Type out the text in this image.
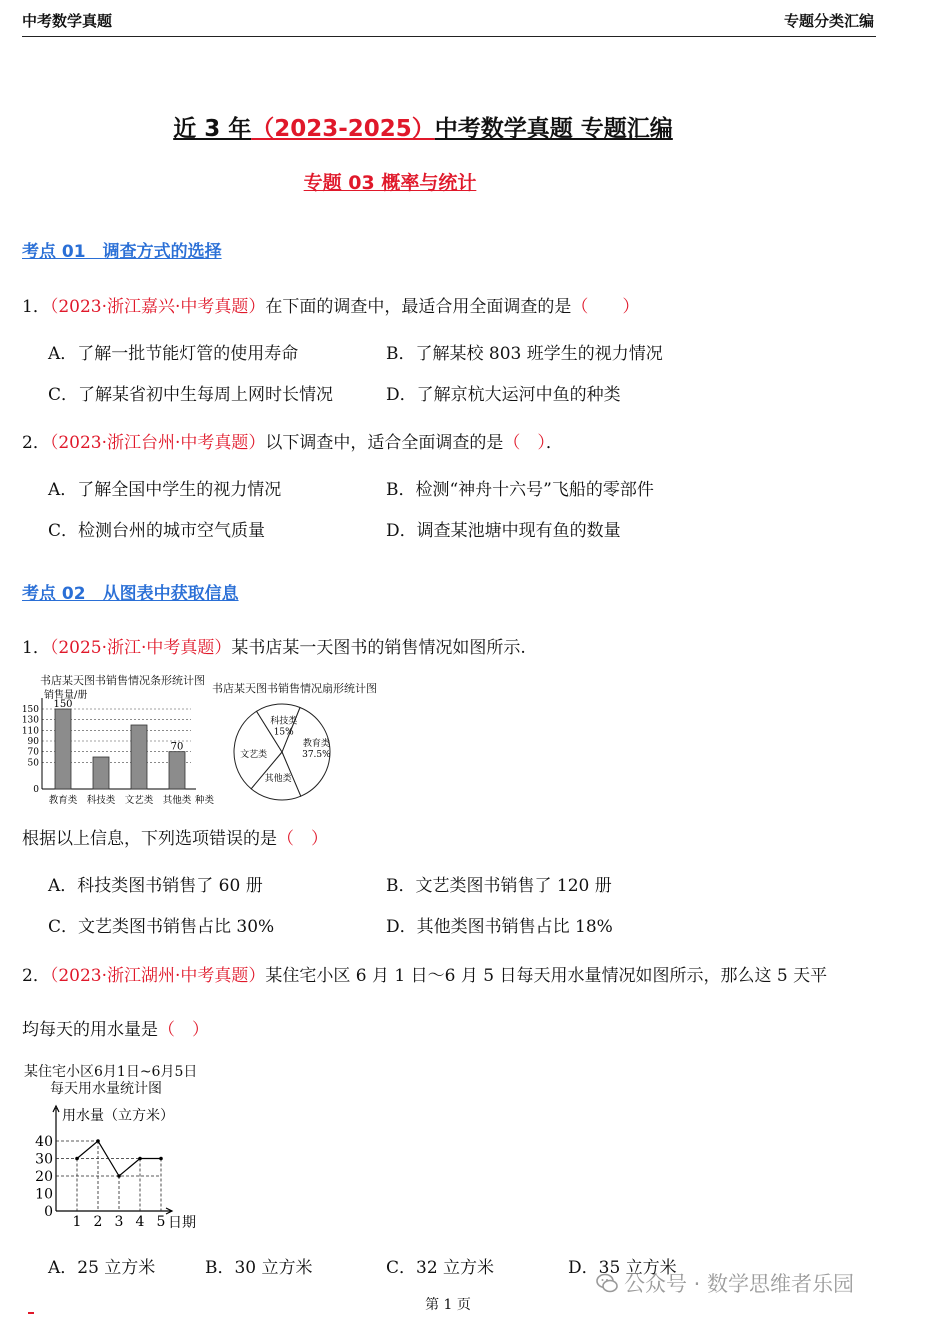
中考数学真题	专题分类汇编
近 3 年（2023-2025）中考数学真题 专题汇编
专题 03 概率与统计
考点 01　调查方式的选择
1．（2023·浙江嘉兴·中考真题）在下面的调查中，最适合用全面调查的是（　　）
A．了解一批节能灯管的使用寿命	B．了解某校 803 班学生的视力情况
C．了解某省初中生每周上网时长情况	D．了解京杭大运河中鱼的种类
2．（2023·浙江台州·中考真题）以下调查中，适合全面调查的是（　）．
A．了解全国中学生的视力情况	B．检测“神舟十六号”飞船的零部件
C．检测台州的城市空气质量	D．调查某池塘中现有鱼的数量
考点 02　从图表中获取信息
1．（2025·浙江·中考真题）某书店某一天图书的销售情况如图所示.
书店某天图书销售情况条形统计图
销售量/册
0
50
70
90
110
130
150 150
教育类 科技类 文艺类
70
其他类 种类
书店某天图书销售情况扇形统计图
教育类
37.5%
其他类
文艺类
科技类
15%
根据以上信息，下列选项错误的是（　）
A．科技类图书销售了 60 册	B．文艺类图书销售了 120 册
C．文艺类图书销售占比 30%	D．其他类图书销售占比 18%
2．（2023·浙江湖州·中考真题）某住宅小区 6 月 1 日～6 月 5 日每天用水量情况如图所示，那么这 5 天平
均每天的用水量是（　）
某住宅小区6月1日~6月5日
每天用水量统计图
用水量（立方米）
0
10
20
30
40
1 2 3 4 5 日期
A．25 立方米	B．30 立方米	C．32 立方米	D．35 立方米
公众号 · 数学思维者乐园
第 1 页
